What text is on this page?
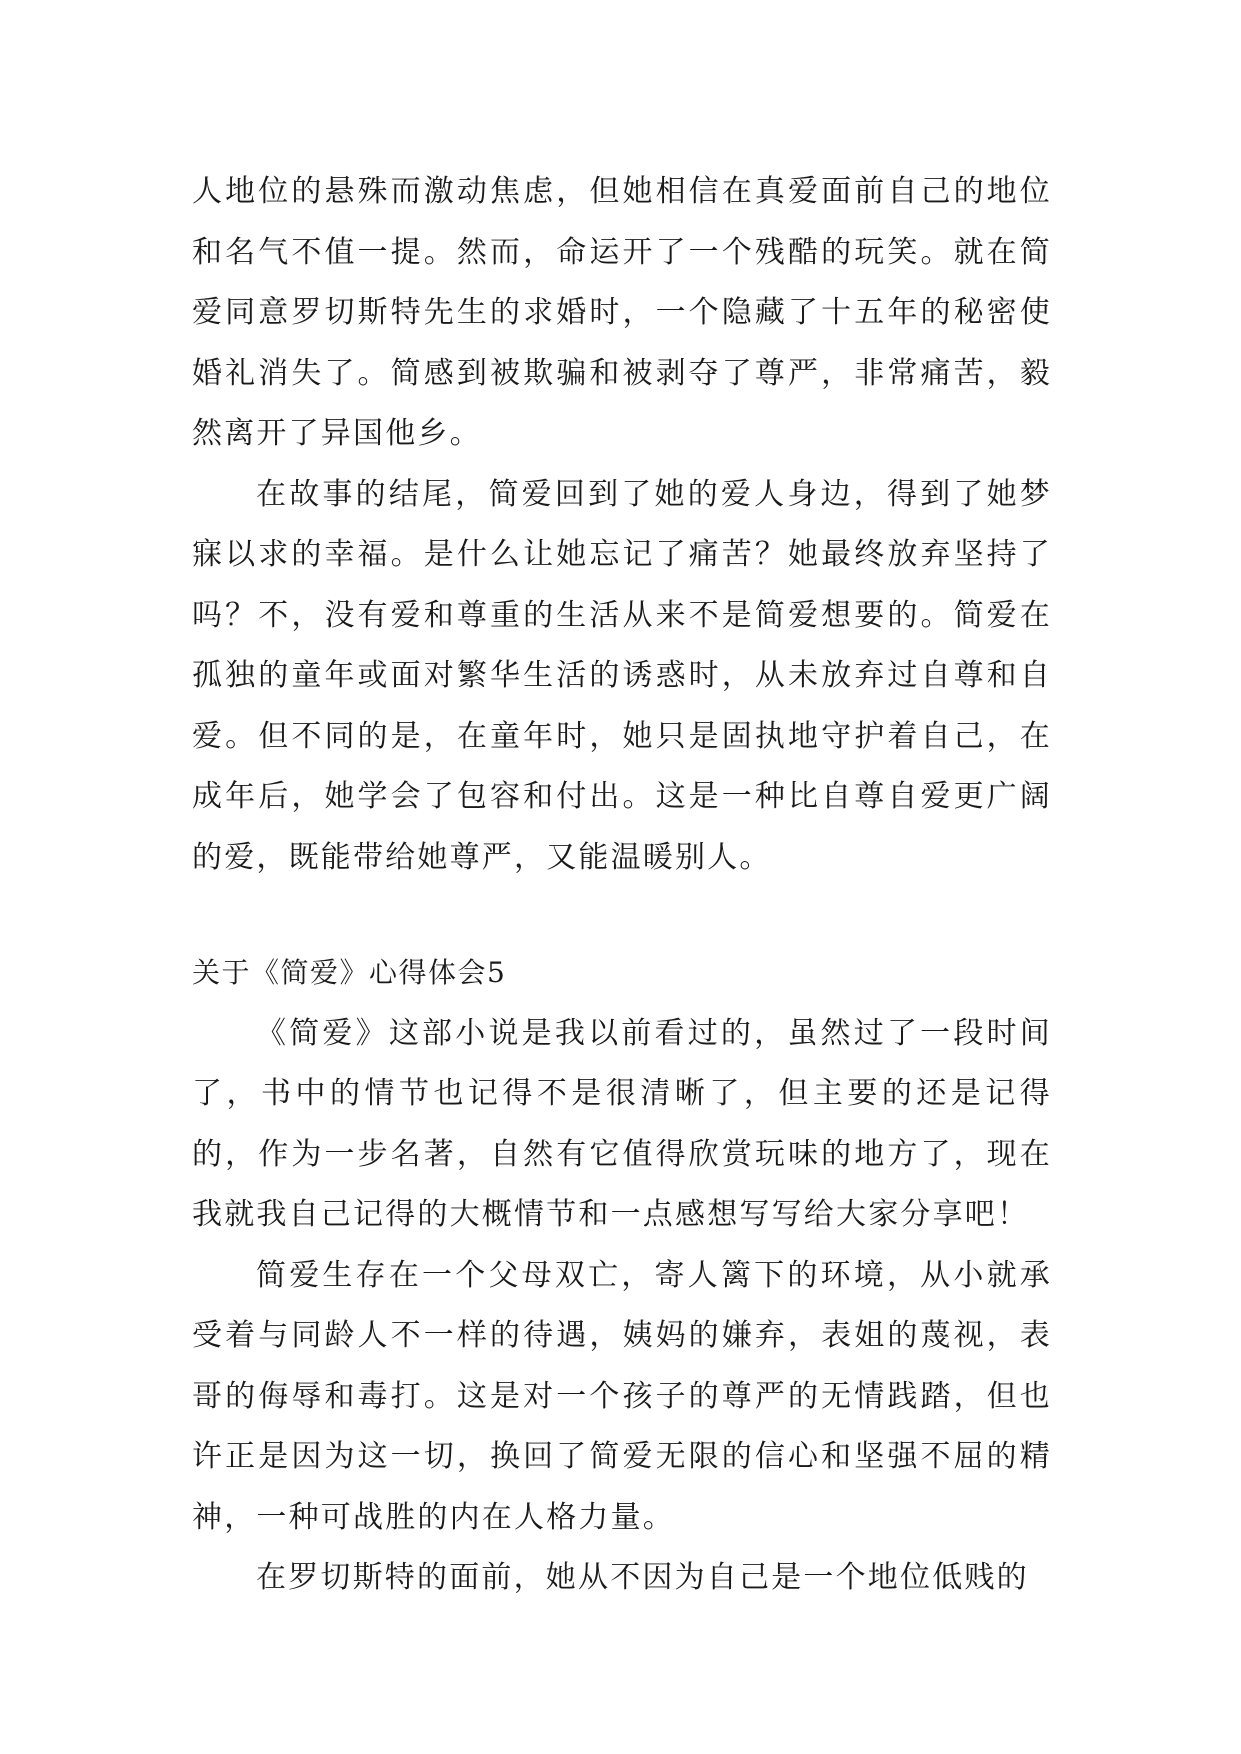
人地位的悬殊而激动焦虑，但她相信在真爱面前自己的地位和名气不值一提。然而，命运开了一个残酷的玩笑。就在简爱同意罗切斯特先生的求婚时，一个隐藏了十五年的秘密使婚礼消失了。简感到被欺骗和被剥夺了尊严，非常痛苦，毅然离开了异国他乡。

在故事的结尾，简爱回到了她的爱人身边，得到了她梦寐以求的幸福。是什么让她忘记了痛苦？她最终放弃坚持了吗？不，没有爱和尊重的生活从来不是简爱想要的。简爱在孤独的童年或面对繁华生活的诱惑时，从未放弃过自尊和自爱。但不同的是，在童年时，她只是固执地守护着自己，在成年后，她学会了包容和付出。这是一种比自尊自爱更广阔的爱，既能带给她尊严，又能温暖别人。

关于《简爱》心得体会5

《简爱》这部小说是我以前看过的，虽然过了一段时间了，书中的情节也记得不是很清晰了，但主要的还是记得的，作为一步名著，自然有它值得欣赏玩味的地方了，现在我就我自己记得的大概情节和一点感想写写给大家分享吧！

简爱生存在一个父母双亡，寄人篱下的环境，从小就承受着与同龄人不一样的待遇，姨妈的嫌弃，表姐的蔑视，表哥的侮辱和毒打。这是对一个孩子的尊严的无情践踏，但也许正是因为这一切，换回了简爱无限的信心和坚强不屈的精神，一种可战胜的内在人格力量。

在罗切斯特的面前，她从不因为自己是一个地位低贱的
